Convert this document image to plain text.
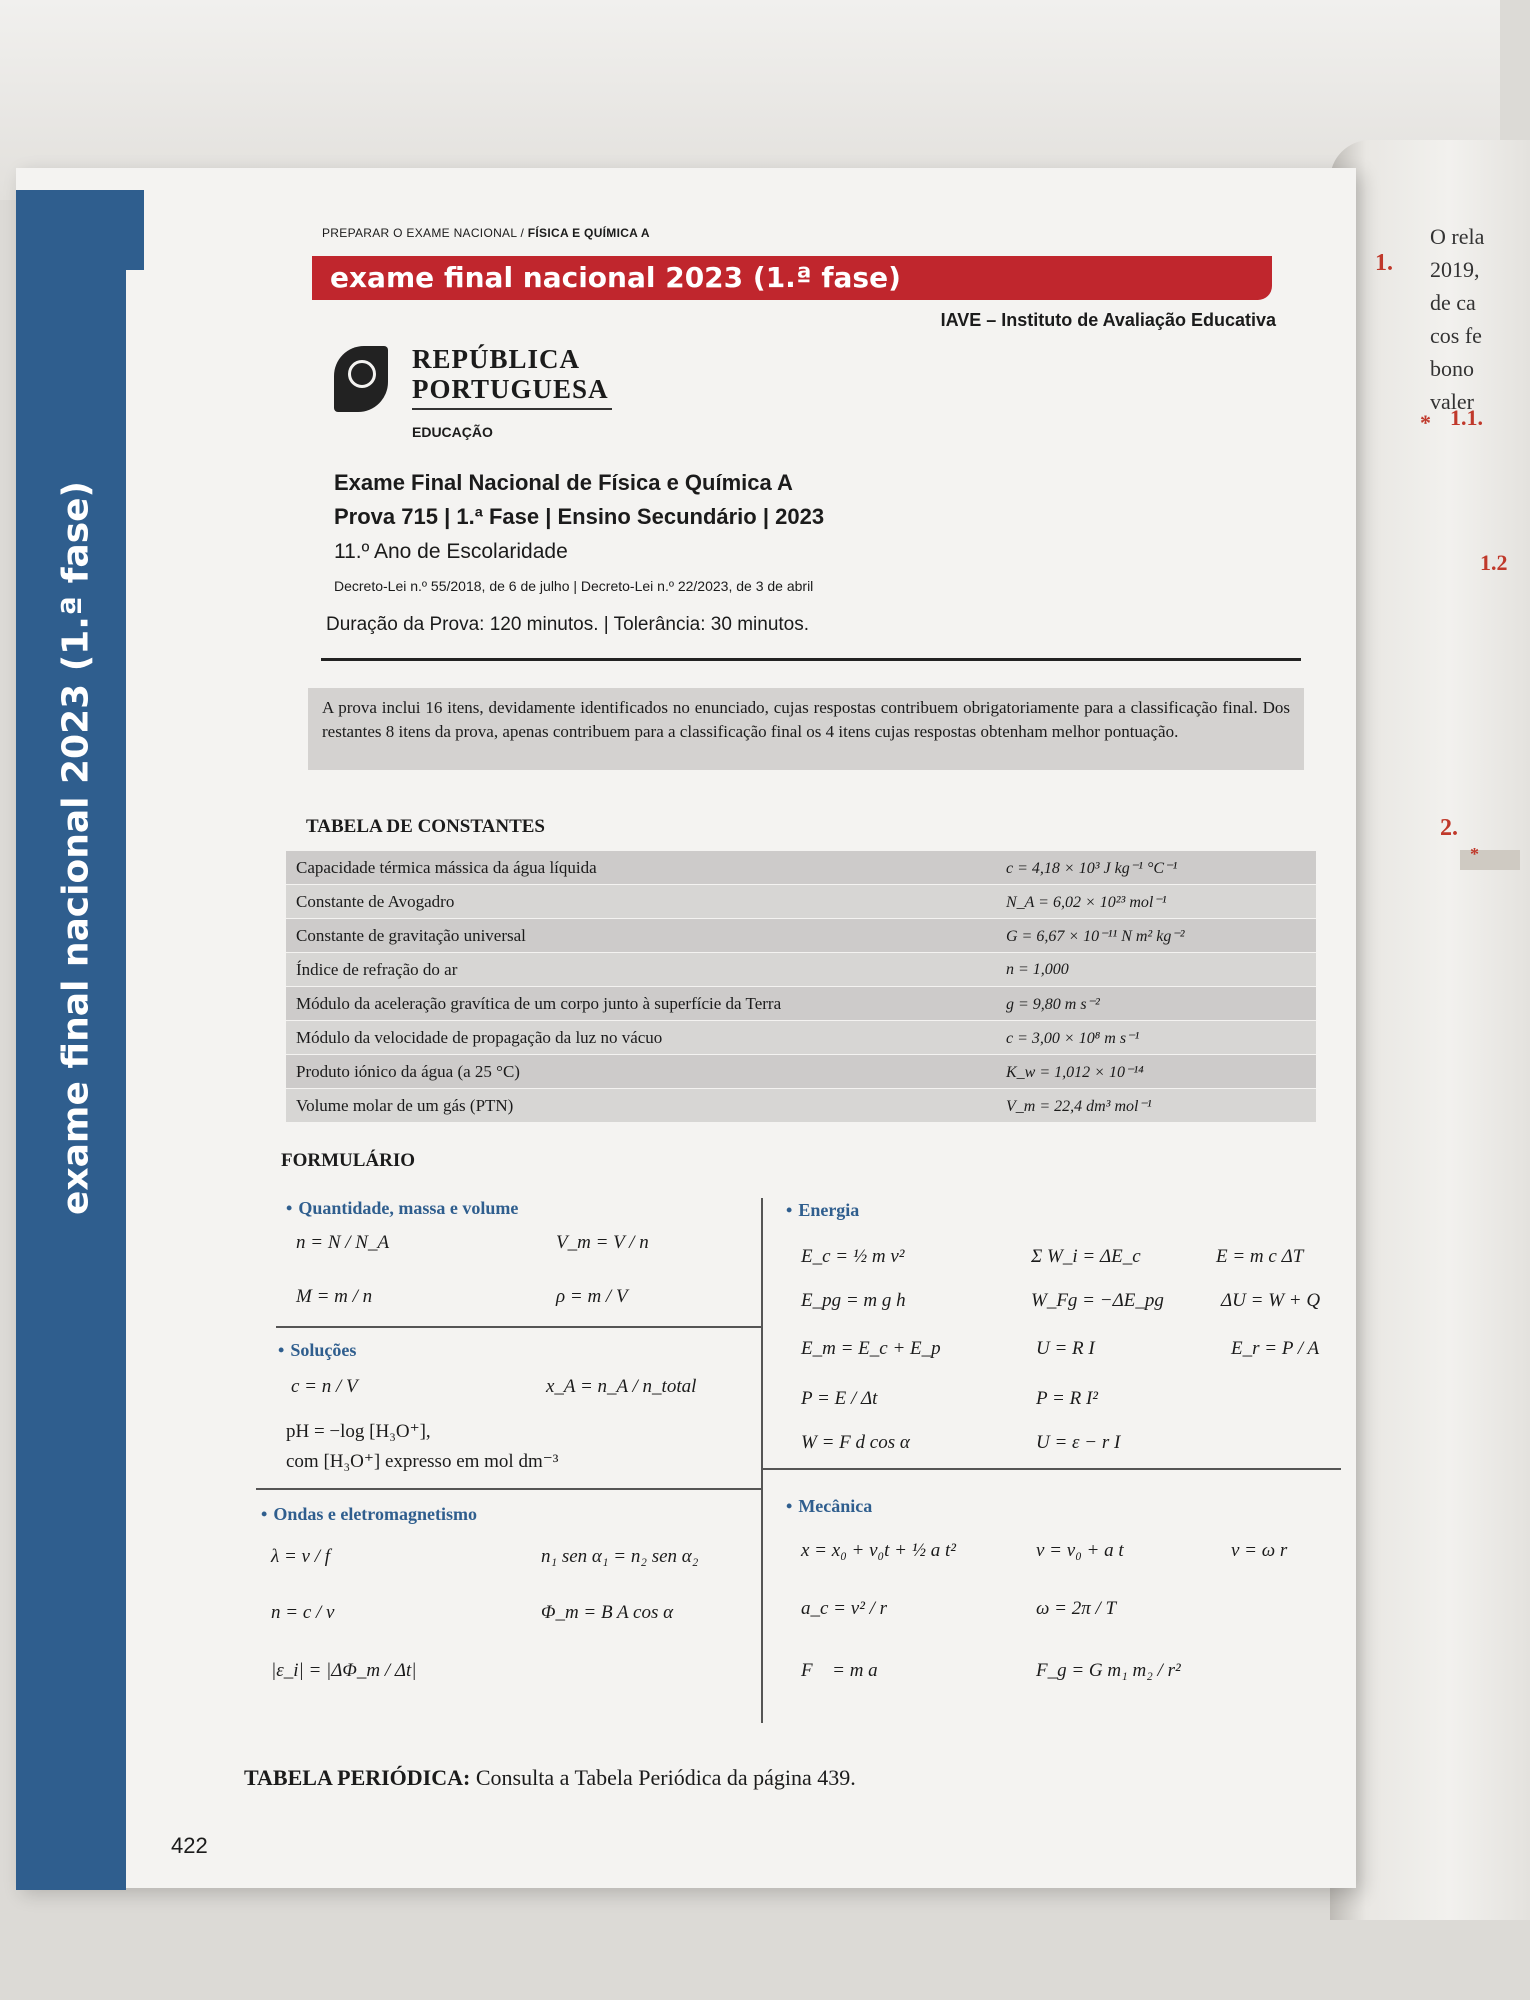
1.
O rela
2019,
de ca
cos fe
bono
valer
* 1.1.
1.2
2.
*
exame final nacional 2023 (1.ª fase)
422
PREPARAR O EXAME NACIONAL / FÍSICA E QUÍMICA A
exame final nacional 2023 (1.ª fase)
IAVE – Instituto de Avaliação Educativa
REPÚBLICA
PORTUGUESA
EDUCAÇÃO
Exame Final Nacional de Física e Química A
Prova 715 | 1.ª Fase | Ensino Secundário | 2023
11.º Ano de Escolaridade
Decreto-Lei n.º 55/2018, de 6 de julho | Decreto-Lei n.º 22/2023, de 3 de abril
Duração da Prova: 120 minutos. | Tolerância: 30 minutos.
A prova inclui 16 itens, devidamente identificados no enunciado, cujas respostas contribuem obrigatoriamente para a classificação final. Dos restantes 8 itens da prova, apenas contribuem para a classificação final os 4 itens cujas respostas obtenham melhor pontuação.
TABELA DE CONSTANTES
Capacidade térmica mássica da água líquida	c = 4,18 × 10³ J kg⁻¹ °C⁻¹
Constante de Avogadro	N_A = 6,02 × 10²³ mol⁻¹
Constante de gravitação universal	G = 6,67 × 10⁻¹¹ N m² kg⁻²
Índice de refração do ar	n = 1,000
Módulo da aceleração gravítica de um corpo junto à superfície da Terra	g = 9,80 m s⁻²
Módulo da velocidade de propagação da luz no vácuo	c = 3,00 × 10⁸ m s⁻¹
Produto iónico da água (a 25 °C)	K_w = 1,012 × 10⁻¹⁴
Volume molar de um gás (PTN)	V_m = 22,4 dm³ mol⁻¹
FORMULÁRIO
• Quantidade, massa e volume
n = N / N_A	V_m = V / n
M = m / n	ρ = m / V
• Soluções
c = n / V	x_A = n_A / n_total
pH = −log [H₃O⁺],
com [H₃O⁺] expresso em mol dm⁻³
• Ondas e eletromagnetismo
λ = v / f	n₁ sen α₁ = n₂ sen α₂
n = c / v	Φ_m = B A cos α
|ε_i| = |ΔΦ_m / Δt|
• Energia
E_c = ½ m v²	Σ W_i = ΔE_c	E = m c ΔT
E_pg = m g h	W_Fg = −ΔE_pg	ΔU = W + Q
E_m = E_c + E_p	U = R I	E_r = P / A
P = E / Δt	P = R I²
W = F d cos α	U = ε − r I
• Mecânica
x = x₀ + v₀t + ½ a t²	v = v₀ + a t	v = ω r
a_c = v² / r	ω = 2π / T
F⃗ = m a⃗	F_g = G m₁ m₂ / r²
TABELA PERIÓDICA: Consulta a Tabela Periódica da página 439.
